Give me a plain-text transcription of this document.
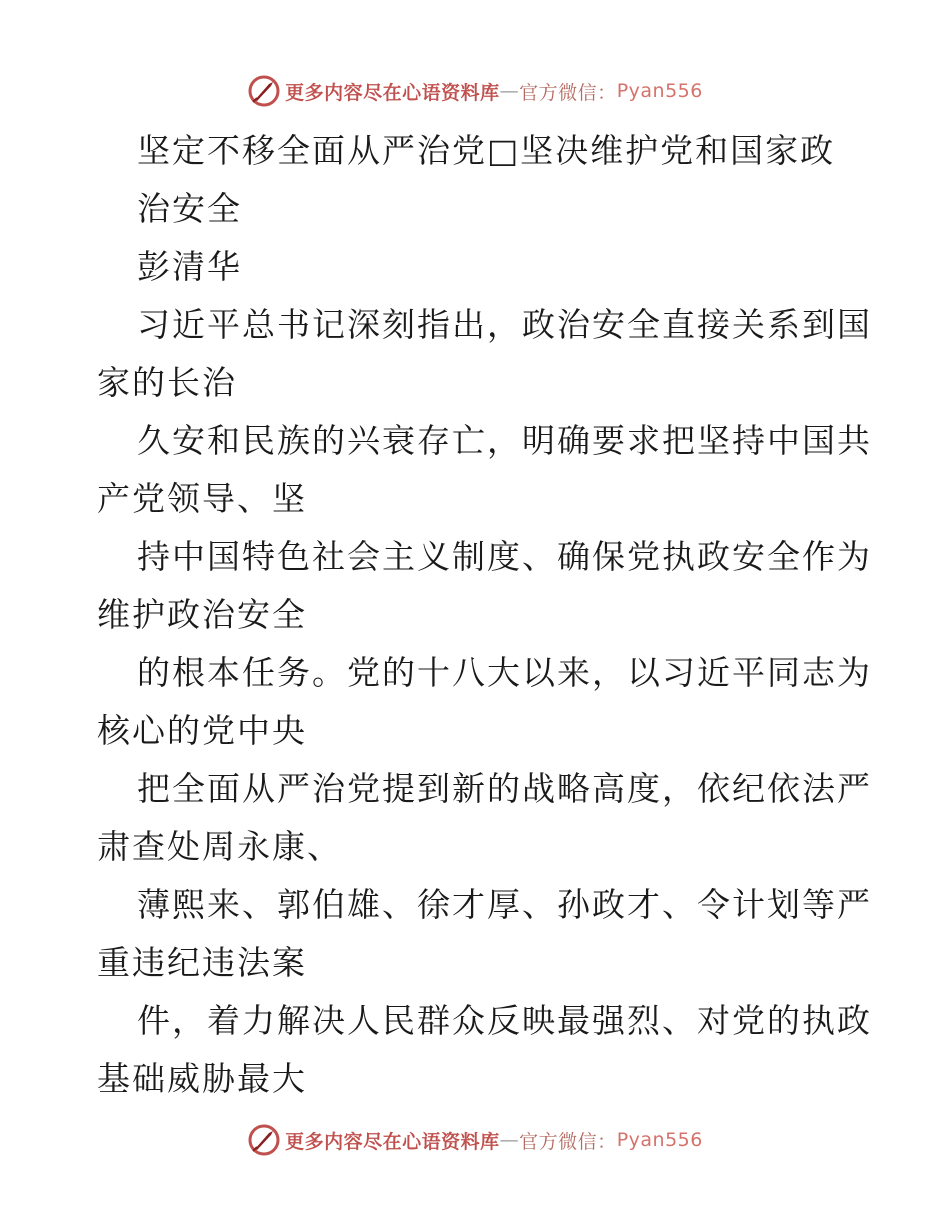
更多内容尽在心语资料库 — 官方微信： Pyan556
坚定不移全面从严治党□坚决维护党和国家政
治安全
彭清华
习近平总书记深刻指出，政治安全直接关系到国
家的长治
久安和民族的兴衰存亡，明确要求把坚持中国共
产党领导、坚
持中国特色社会主义制度、确保党执政安全作为
维护政治安全
的根本任务。党的十八大以来，以习近平同志为
核心的党中央
把全面从严治党提到新的战略高度，依纪依法严
肃查处周永康、
薄熙来、郭伯雄、徐才厚、孙政才、令计划等严
重违纪违法案
件，着力解决人民群众反映最强烈、对党的执政
基础威胁最大
更多内容尽在心语资料库 — 官方微信： Pyan556
